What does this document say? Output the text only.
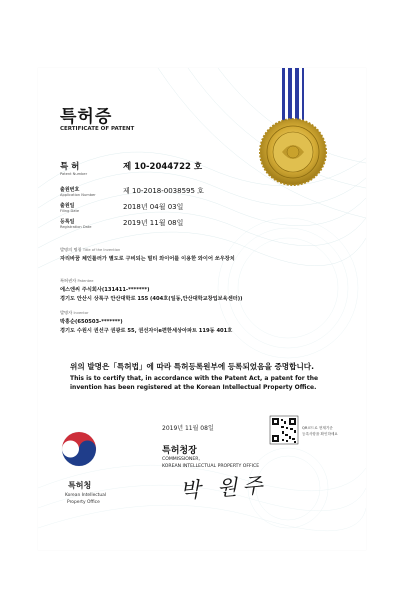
특허증
CERTIFICATE OF PATENT
특 허
Patent Number
제 10-2044722 호
출원번호
Application Number	제 10-2018-0038595 호
출원일
Filing Date	2018년 04월 03일
등록일
Registration Date	2019년 11월 08일
발명의 명칭 Title of the Invention
자리바꿈 체인롤러가 별도로 구비되는 멀티 와이어를 이용한 와이어 쏘우장치
특허권자 Patentee
에스엔씨 주식회사(131411-*******)
경기도 안산시 상록구 안산대학로 155 (404호(일동,안산대학교창업보육센터))
발명자 Inventor
박홍순(650503-*******)
경기도 수원시 권선구 권광로 55, 권선자이e편한세상아파트 119동 401호
위의 발명은「특허법」에 따라 특허등록원부에 등록되었음을 증명합니다.
This is to certify that, in accordance with the Patent Act, a patent for the invention has been registered at the Korean Intellectual Property Office.
2019년 11월 08일
특허청장
COMMISSIONER,
KOREAN INTELLECTUAL PROPERTY OFFICE
QR코드로 현재기준
등록사항을 확인하세요
특허청
Korean Intellectual
Property Office	박 원주
